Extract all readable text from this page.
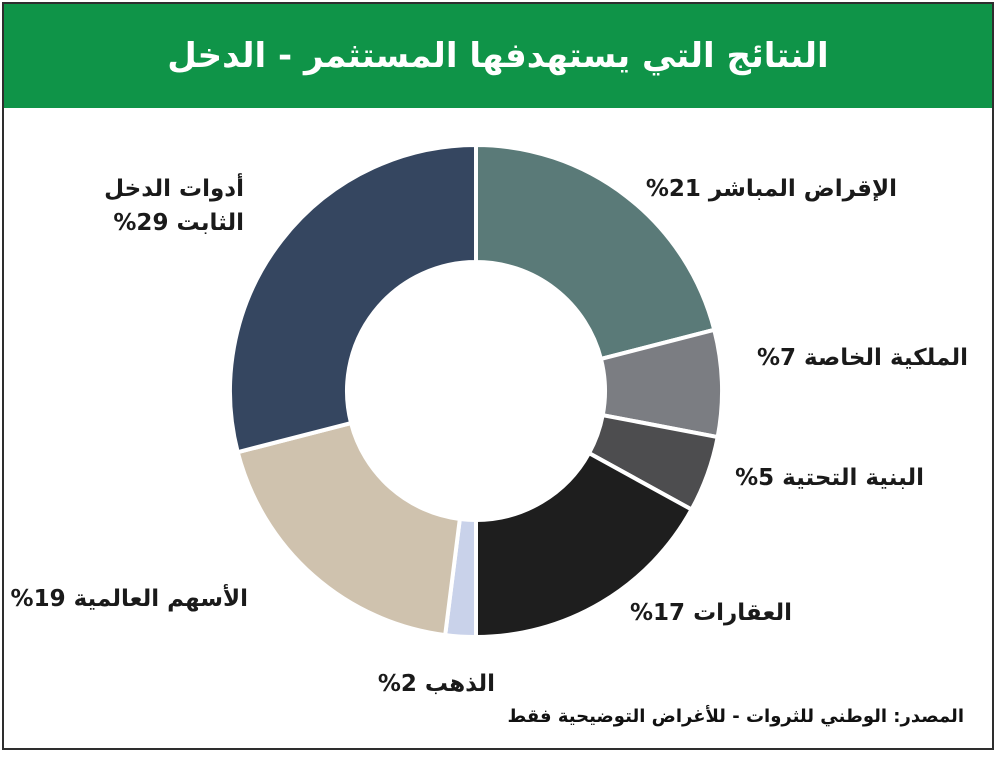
النتائج التي يستهدفها المستثمر - الدخل
الإقراض المباشر %21
الملكية الخاصة %7
البنية التحتية %5
العقارات %17
الذهب %2
الأسهم العالمية %19
أدوات الدخل
الثابت %29
المصدر: الوطني للثروات - للأغراض التوضيحية فقط
